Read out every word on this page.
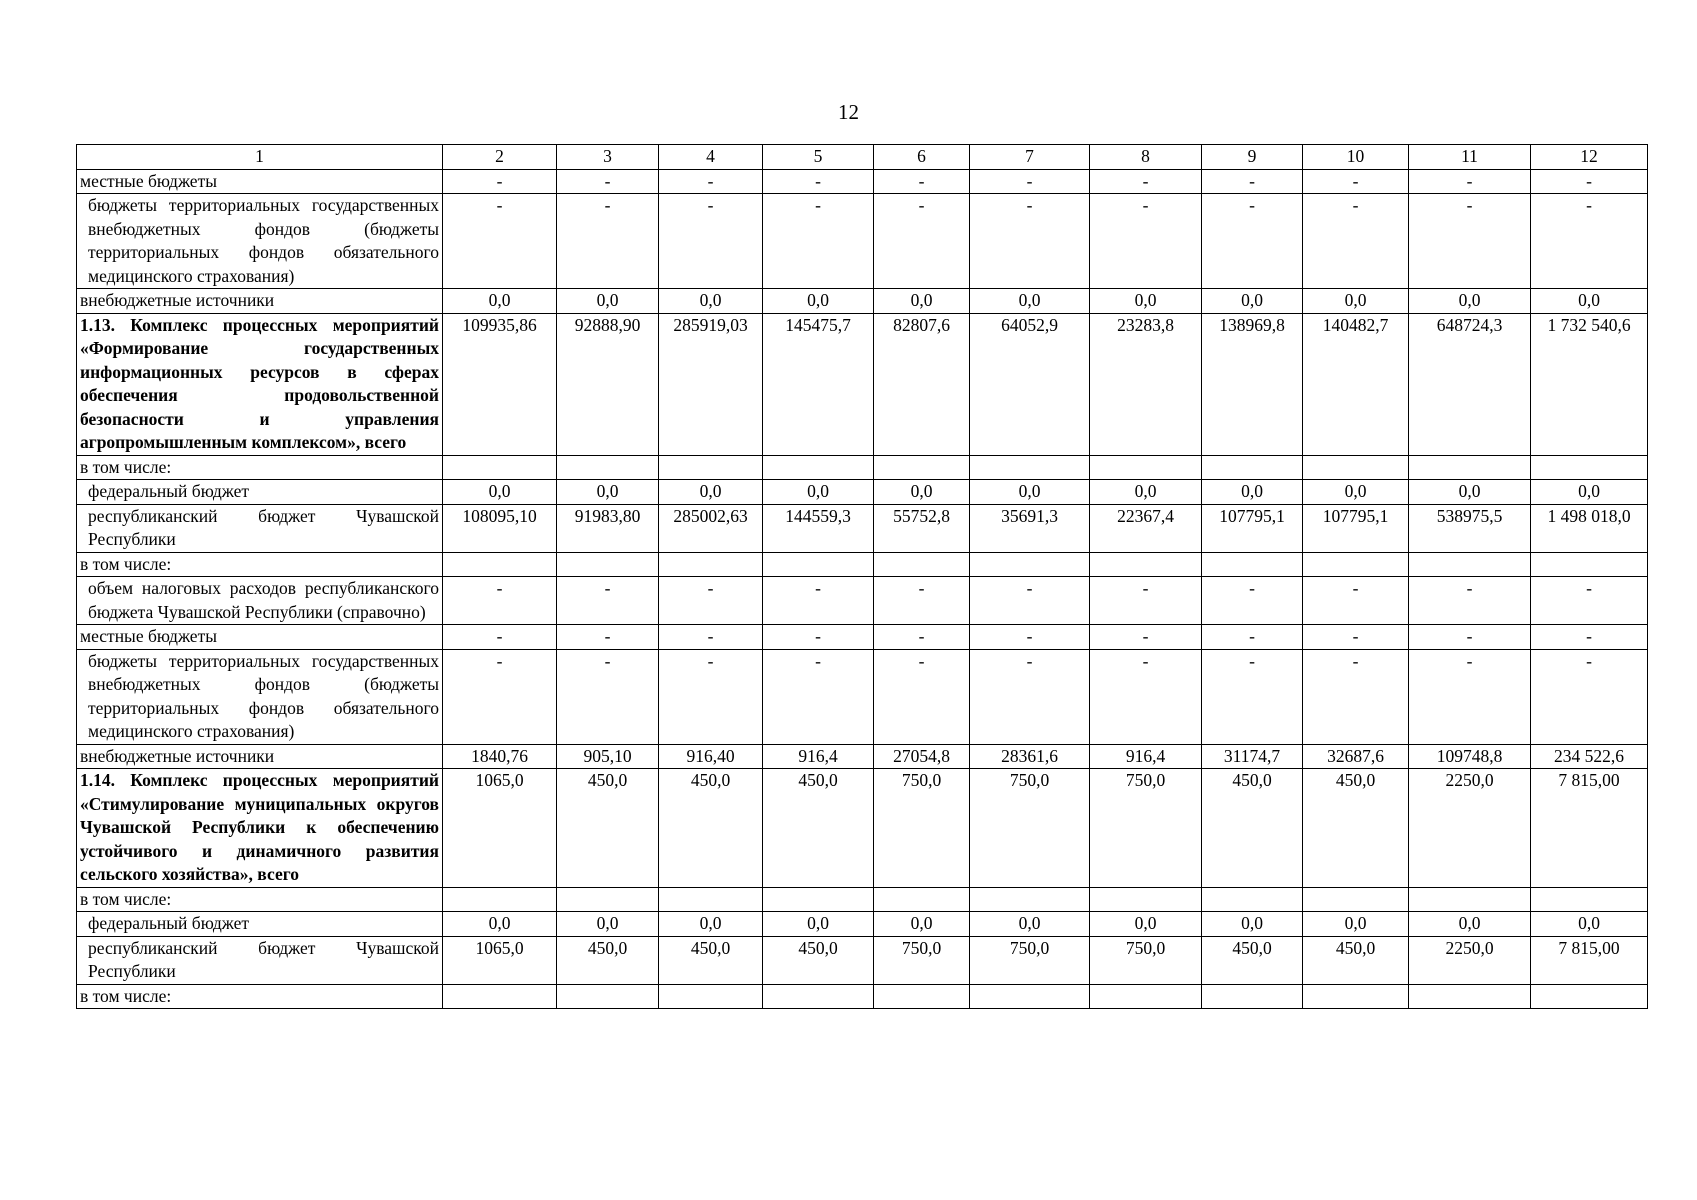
12
1	2	3	4	5	6	7	8	9	10	11	12
местные бюджеты	-	-	-	-	-	-	-	-	-	-	-
бюджеты территориальных государственных внебюджетных фондов (бюджеты территориальных фондов обязательного медицинского страхования)	-	-	-	-	-	-	-	-	-	-	-
внебюджетные источники	0,0	0,0	0,0	0,0	0,0	0,0	0,0	0,0	0,0	0,0	0,0
1.13. Комплекс процессных мероприятий «Формирование государственных информационных ресурсов в сферах обеспечения продовольственной безопасности и управления агропромышленным комплексом», всего	109935,86	92888,90	285919,03	145475,7	82807,6	64052,9	23283,8	138969,8	140482,7	648724,3	1 732 540,6
в том числе:											
федеральный бюджет	0,0	0,0	0,0	0,0	0,0	0,0	0,0	0,0	0,0	0,0	0,0
республиканский бюджет Чувашской Республики	108095,10	91983,80	285002,63	144559,3	55752,8	35691,3	22367,4	107795,1	107795,1	538975,5	1 498 018,0
в том числе:											
объем налоговых расходов республиканского бюджета Чувашской Республики (справочно)	-	-	-	-	-	-	-	-	-	-	-
местные бюджеты	-	-	-	-	-	-	-	-	-	-	-
бюджеты территориальных государственных внебюджетных фондов (бюджеты территориальных фондов обязательного медицинского страхования)	-	-	-	-	-	-	-	-	-	-	-
внебюджетные источники	1840,76	905,10	916,40	916,4	27054,8	28361,6	916,4	31174,7	32687,6	109748,8	234 522,6
1.14. Комплекс процессных мероприятий «Стимулирование муниципальных округов Чувашской Республики к обеспечению устойчивого и динамичного развития сельского хозяйства», всего	1065,0	450,0	450,0	450,0	750,0	750,0	750,0	450,0	450,0	2250,0	7 815,00
в том числе:											
федеральный бюджет	0,0	0,0	0,0	0,0	0,0	0,0	0,0	0,0	0,0	0,0	0,0
республиканский бюджет Чувашской Республики	1065,0	450,0	450,0	450,0	750,0	750,0	750,0	450,0	450,0	2250,0	7 815,00
в том числе:											
